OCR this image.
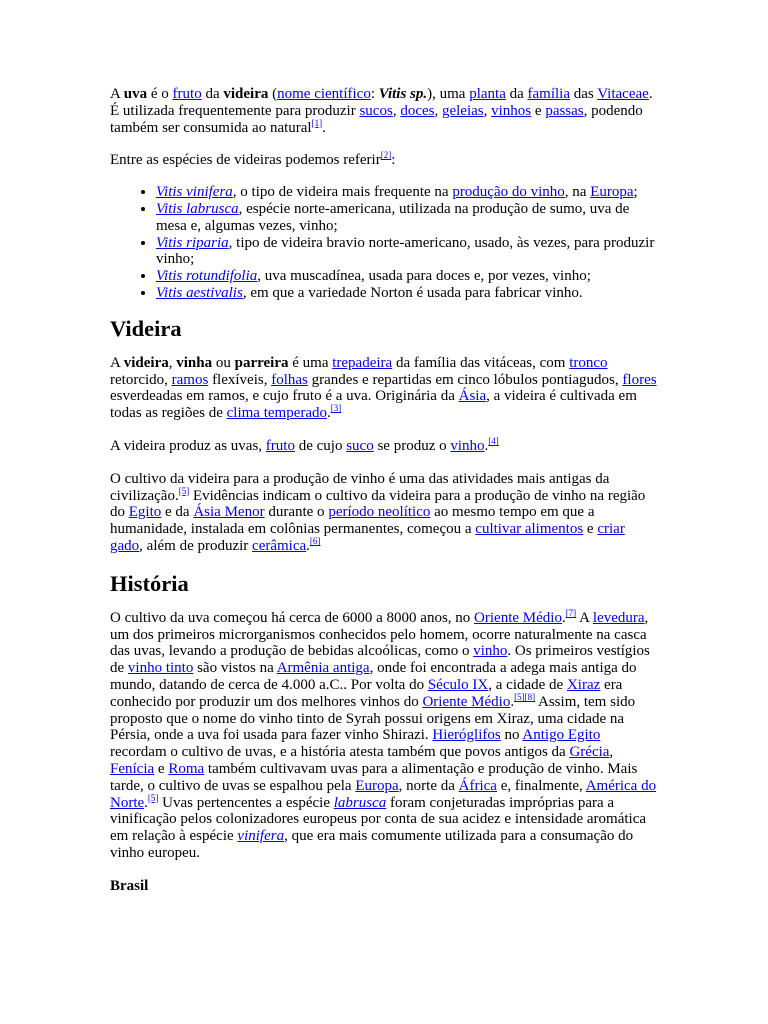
A uva é o fruto da videira (nome científico: Vitis sp.), uma planta da família das Vitaceae. É utilizada frequentemente para produzir sucos, doces, geleias, vinhos e passas, podendo também ser consumida ao natural[1].

Entre as espécies de videiras podemos referir[2]:

• Vitis vinifera, o tipo de videira mais frequente na produção do vinho, na Europa;
• Vitis labrusca, espécie norte-americana, utilizada na produção de sumo, uva de mesa e, algumas vezes, vinho;
• Vitis riparia, tipo de videira bravio norte-americano, usado, às vezes, para produzir vinho;
• Vitis rotundifolia, uva muscadínea, usada para doces e, por vezes, vinho;
• Vitis aestivalis, em que a variedade Norton é usada para fabricar vinho.
Videira

A videira, vinha ou parreira é uma trepadeira da família das vitáceas, com tronco retorcido, ramos flexíveis, folhas grandes e repartidas em cinco lóbulos pontiagudos, flores esverdeadas em ramos, e cujo fruto é a uva. Originária da Ásia, a videira é cultivada em todas as regiões de clima temperado.[3]

A videira produz as uvas, fruto de cujo suco se produz o vinho.[4]

O cultivo da videira para a produção de vinho é uma das atividades mais antigas da civilização.[5] Evidências indicam o cultivo da videira para a produção de vinho na região do Egito e da Ásia Menor durante o período neolítico ao mesmo tempo em que a humanidade, instalada em colônias permanentes, começou a cultivar alimentos e criar gado, além de produzir cerâmica.[6]

História

O cultivo da uva começou há cerca de 6000 a 8000 anos, no Oriente Médio.[7] A levedura, um dos primeiros microrganismos conhecidos pelo homem, ocorre naturalmente na casca das uvas, levando a produção de bebidas alcoólicas, como o vinho. Os primeiros vestígios de vinho tinto são vistos na Armênia antiga, onde foi encontrada a adega mais antiga do mundo, datando de cerca de 4.000 a.C.. Por volta do Século IX, a cidade de Xiraz era conhecido por produzir um dos melhores vinhos do Oriente Médio.[5][8] Assim, tem sido proposto que o nome do vinho tinto de Syrah possui origens em Xiraz, uma cidade na Pérsia, onde a uva foi usada para fazer vinho Shirazi. Hieróglifos no Antigo Egito recordam o cultivo de uvas, e a história atesta também que povos antigos da Grécia, Fenícia e Roma também cultivavam uvas para a alimentação e produção de vinho. Mais tarde, o cultivo de uvas se espalhou pela Europa, norte da África e, finalmente, América do Norte.[5] Uvas pertencentes a espécie labrusca foram conjeturadas impróprias para a vinificação pelos colonizadores europeus por conta de sua acidez e intensidade aromática em relação à espécie vinifera, que era mais comumente utilizada para a consumação do vinho europeu.

Brasil
